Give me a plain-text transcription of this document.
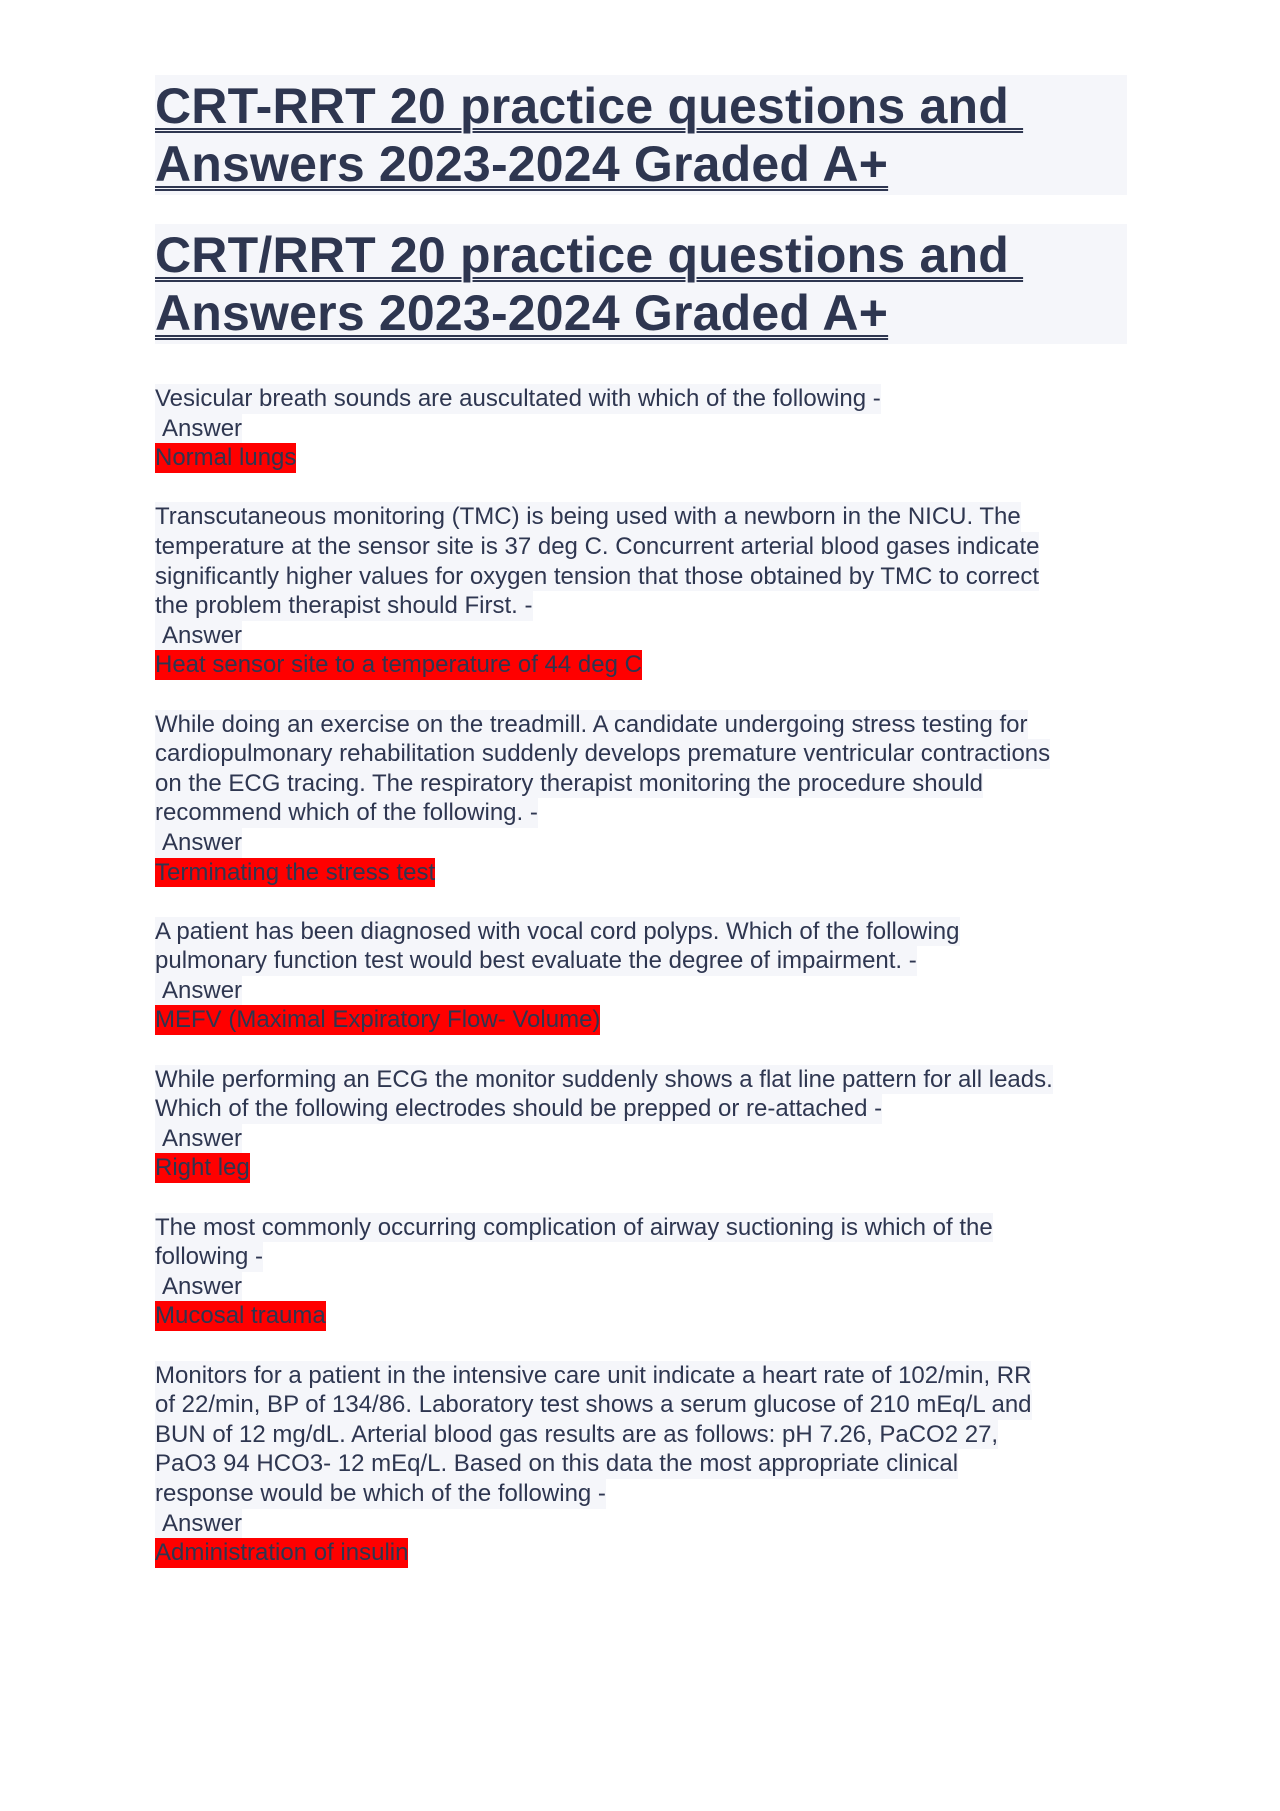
CRT-RRT 20 practice questions and
Answers 2023-2024 Graded A+
CRT/RRT 20 practice questions and
Answers 2023-2024 Graded A+
Vesicular breath sounds are auscultated with which of the following -
Answer
Normal lungs
Transcutaneous monitoring (TMC) is being used with a newborn in the NICU. The
temperature at the sensor site is 37 deg C. Concurrent arterial blood gases indicate
significantly higher values for oxygen tension that those obtained by TMC to correct
the problem therapist should First. -
Answer
Heat sensor site to a temperature of 44 deg C
While doing an exercise on the treadmill. A candidate undergoing stress testing for
cardiopulmonary rehabilitation suddenly develops premature ventricular contractions
on the ECG tracing. The respiratory therapist monitoring the procedure should
recommend which of the following. -
Answer
Terminating the stress test
A patient has been diagnosed with vocal cord polyps. Which of the following
pulmonary function test would best evaluate the degree of impairment. -
Answer
MEFV (Maximal Expiratory Flow- Volume)
While performing an ECG the monitor suddenly shows a flat line pattern for all leads.
Which of the following electrodes should be prepped or re-attached -
Answer
Right leg
The most commonly occurring complication of airway suctioning is which of the
following -
Answer
Mucosal trauma
Monitors for a patient in the intensive care unit indicate a heart rate of 102/min, RR
of 22/min, BP of 134/86. Laboratory test shows a serum glucose of 210 mEq/L and
BUN of 12 mg/dL. Arterial blood gas results are as follows: pH 7.26, PaCO2 27,
PaO3 94 HCO3- 12 mEq/L. Based on this data the most appropriate clinical
response would be which of the following -
Answer
Administration of insulin
